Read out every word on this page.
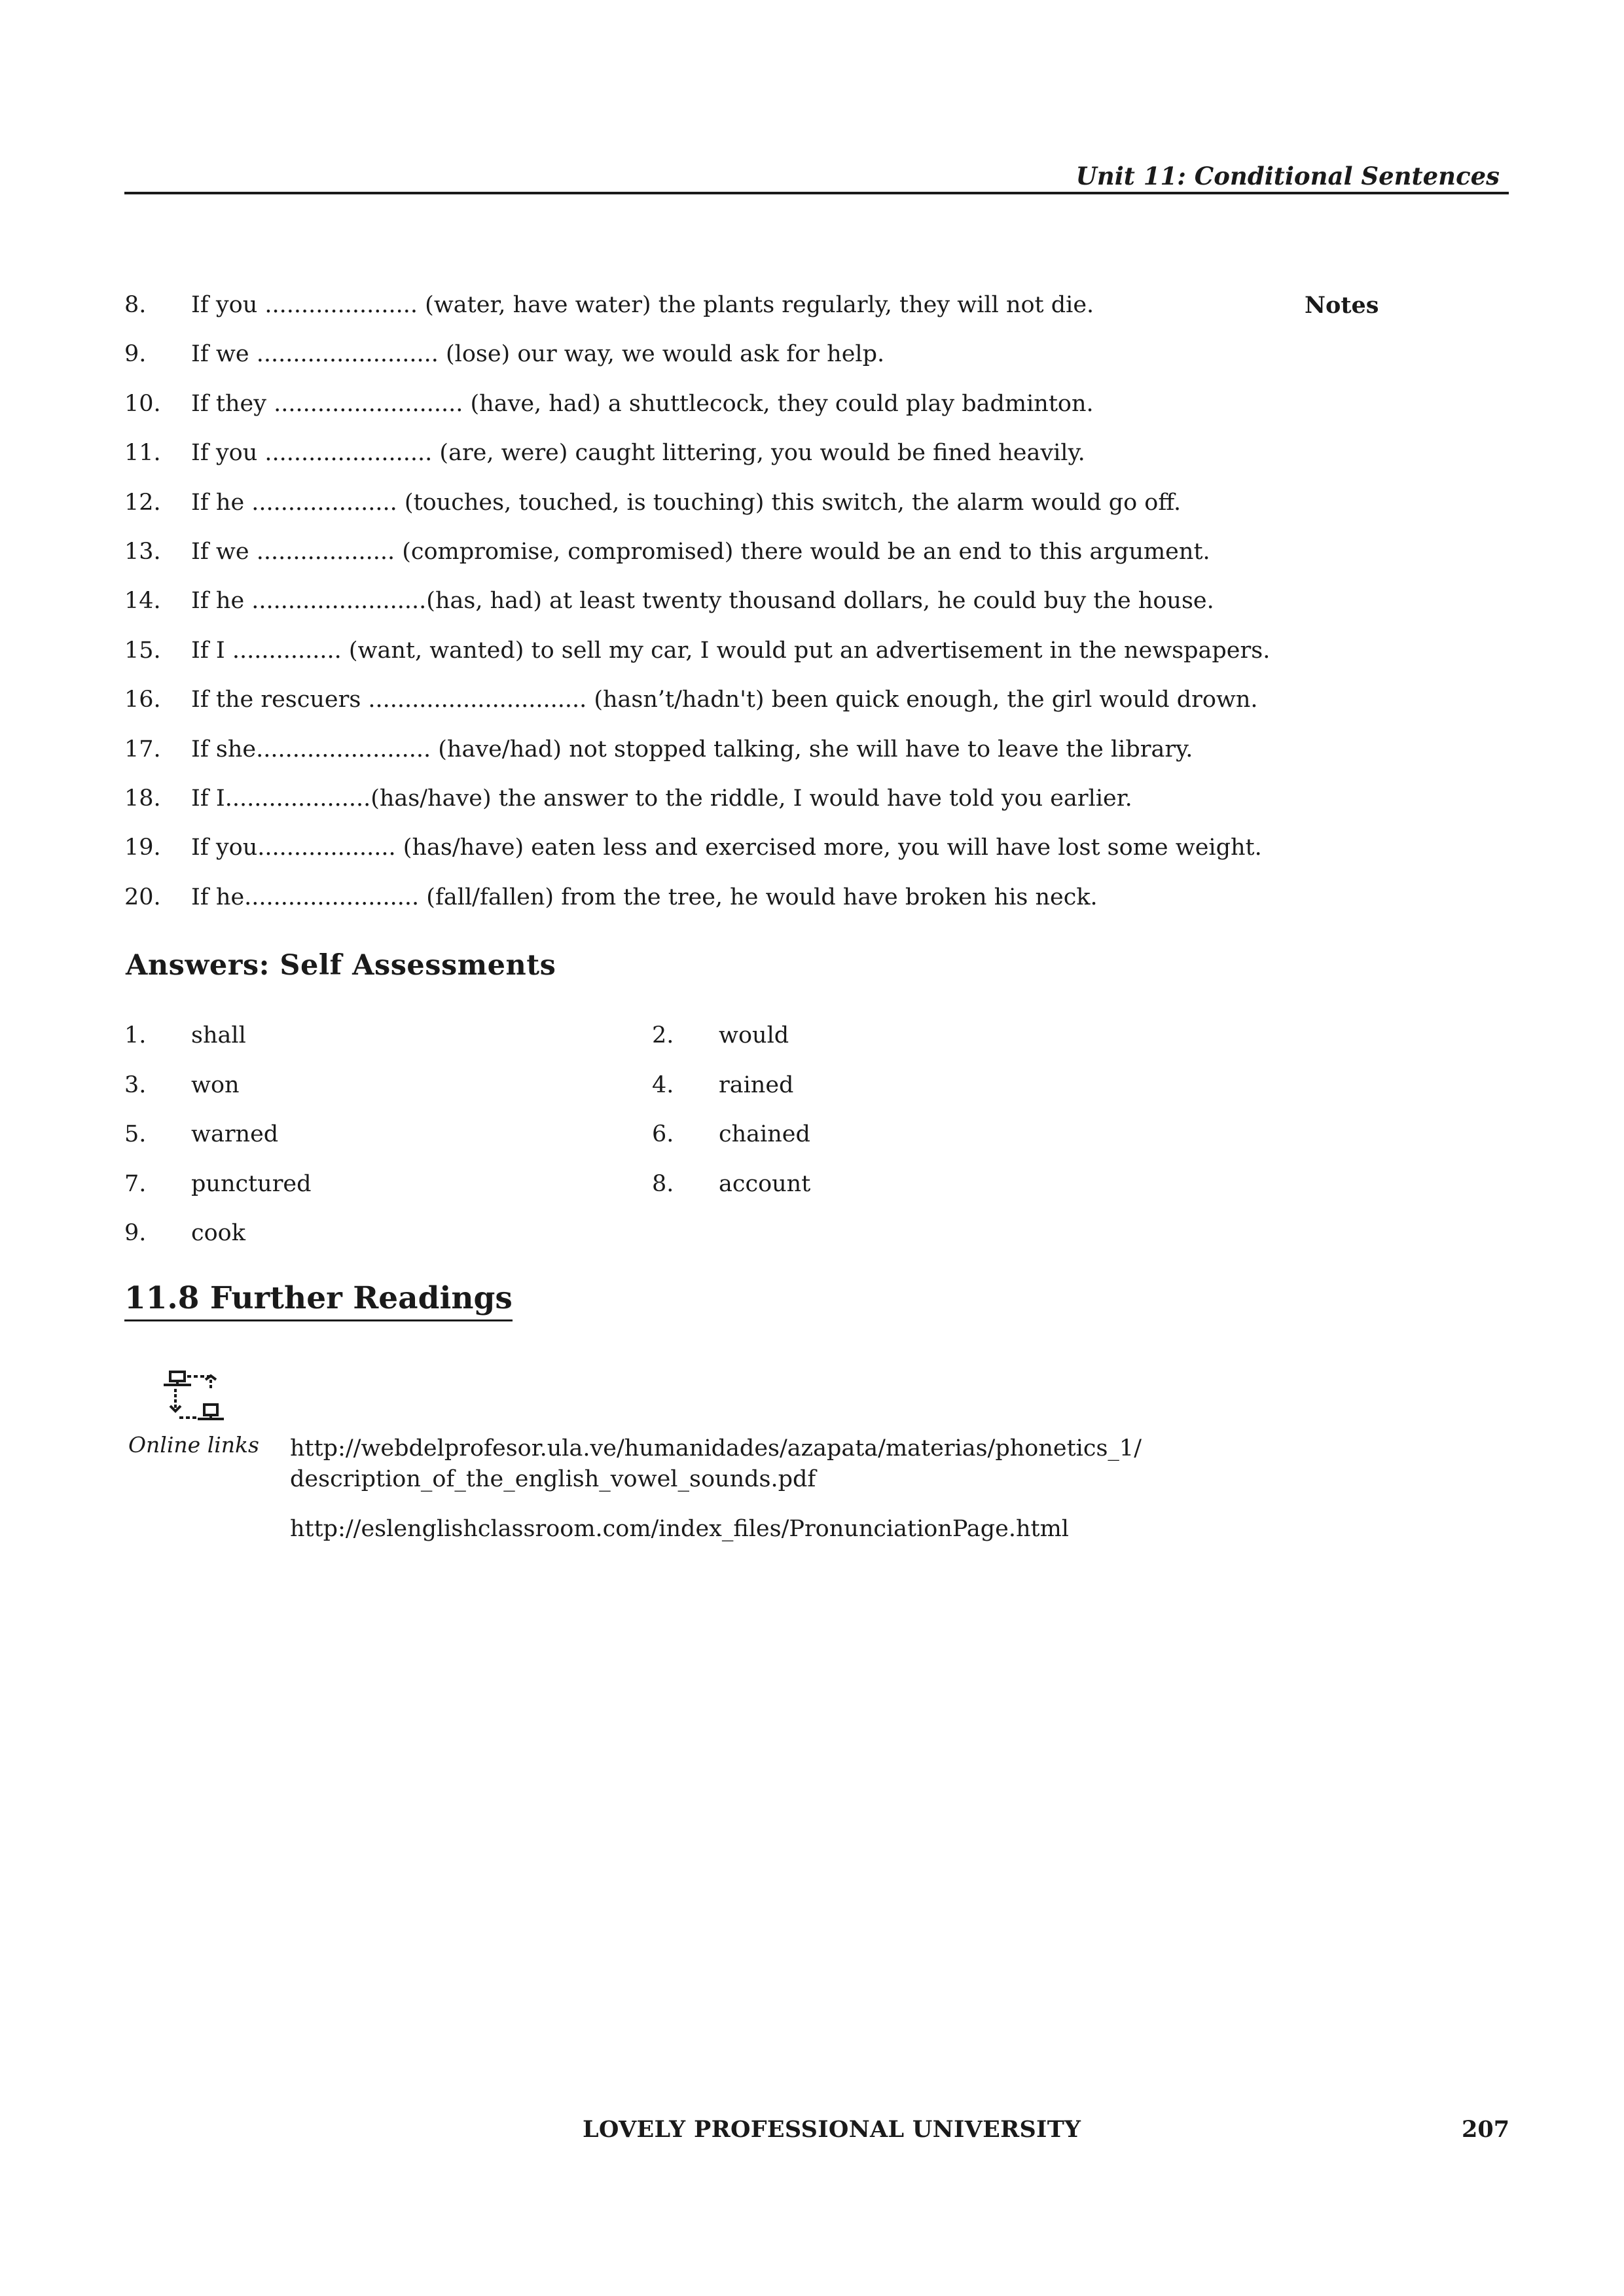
Unit 11: Conditional Sentences
Notes
8.	If you ..................... (water, have water) the plants regularly, they will not die.
9.	If we ......................... (lose) our way, we would ask for help.
10.	If they .......................... (have, had) a shuttlecock, they could play badminton.
11.	If you ....................... (are, were) caught littering, you would be fined heavily.
12.	If he .................... (touches, touched, is touching) this switch, the alarm would go off.
13.	If we ................... (compromise, compromised) there would be an end to this argument.
14.	If he ........................(has, had) at least twenty thousand dollars, he could buy the house.
15.	If I ............... (want, wanted) to sell my car, I would put an advertisement in the newspapers.
16.	If the rescuers .............................. (hasn’t/hadn't) been quick enough, the girl would drown.
17.	If she........................ (have/had) not stopped talking, she will have to leave the library.
18.	If I....................(has/have) the answer to the riddle, I would have told you earlier.
19.	If you................... (has/have) eaten less and exercised more, you will have lost some weight.
20.	If he........................ (fall/fallen) from the tree, he would have broken his neck.
Answers: Self Assessments
1.	shall	2.	would
3.	won	4.	rained
5.	warned	6.	chained
7.	punctured	8.	account
9.	cook
11.8 Further Readings
Online links http://webdelprofesor.ula.ve/humanidades/azapata/materias/phonetics_1/
description_of_the_english_vowel_sounds.pdf
http://eslenglishclassroom.com/index_files/PronunciationPage.html
LOVELY PROFESSIONAL UNIVERSITY	207
